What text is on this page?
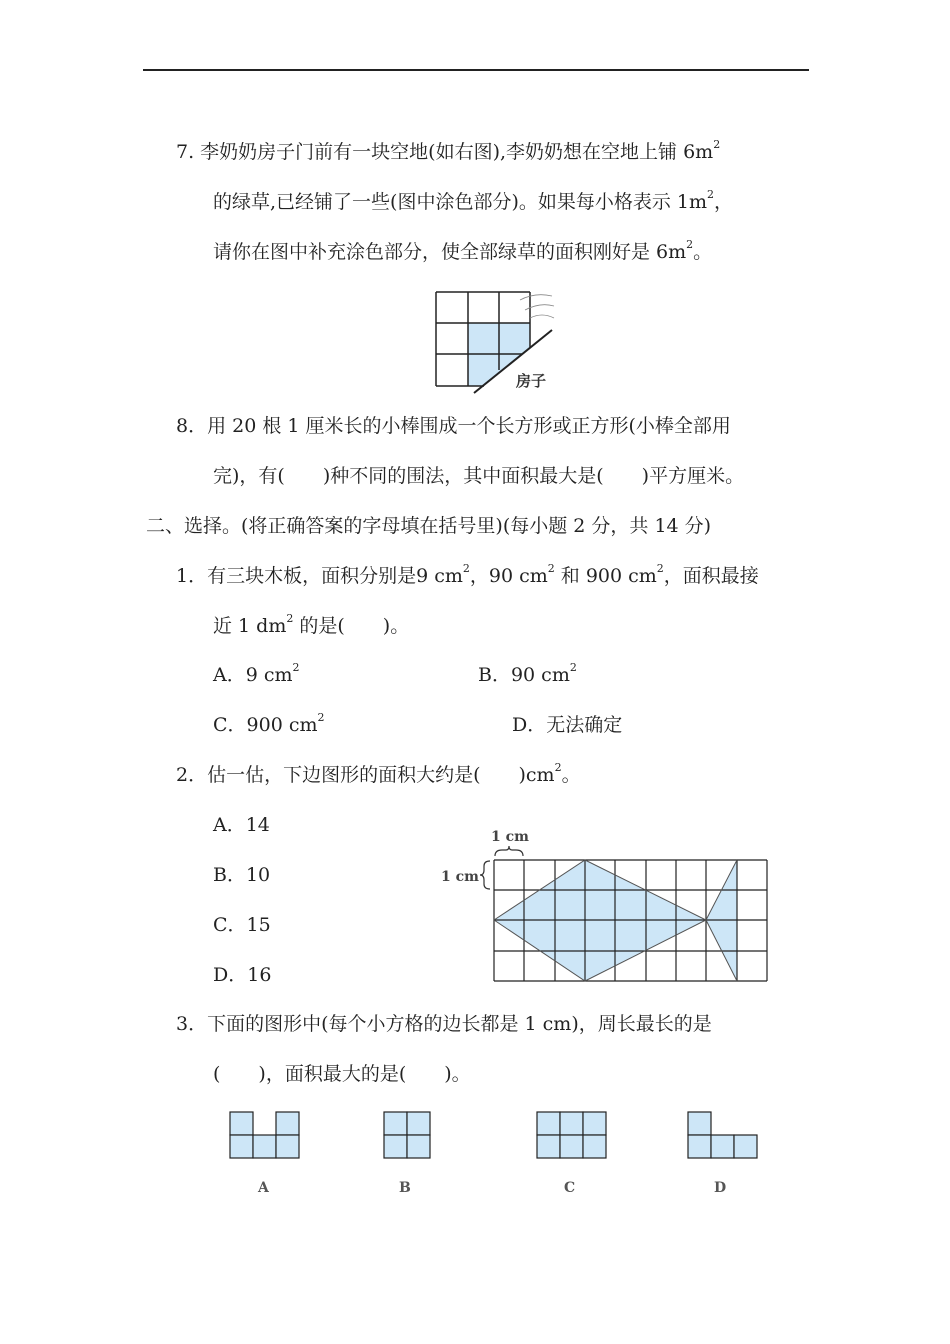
7. 李奶奶房子门前有一块空地(如右图),李奶奶想在空地上铺 $6m^2$
的绿草,已经铺了一些(图中涂色部分)。如果每小格表示 $1m^2$，
请你在图中补充涂色部分，使全部绿草的面积刚好是 $6m^2$。
房子
8．用 20 根 1 厘米长的小棒围成一个长方形或正方形(小棒全部用
完)，有(　　)种不同的围法，其中面积最大是(　　)平方厘米。
二、选择。(将正确答案的字母填在括号里)(每小题 2 分，共 14 分)
1．有三块木板，面积分别是9 $cm^2$，90 $cm^2$ 和 900 $cm^2$，面积最接
近 1 $dm^2$ 的是(　　)。
A．9 $cm^2$	B．90 $cm^2$
C．900 $cm^2$	D．无法确定
2．估一估，下边图形的面积大约是(　　)$cm^2$。
A．14
B．10
C．15
D．16
1 cm
1 cm
3．下面的图形中(每个小方格的边长都是 1 cm)，周长最长的是
(　　)，面积最大的是(　　)。
A	B	C	D
